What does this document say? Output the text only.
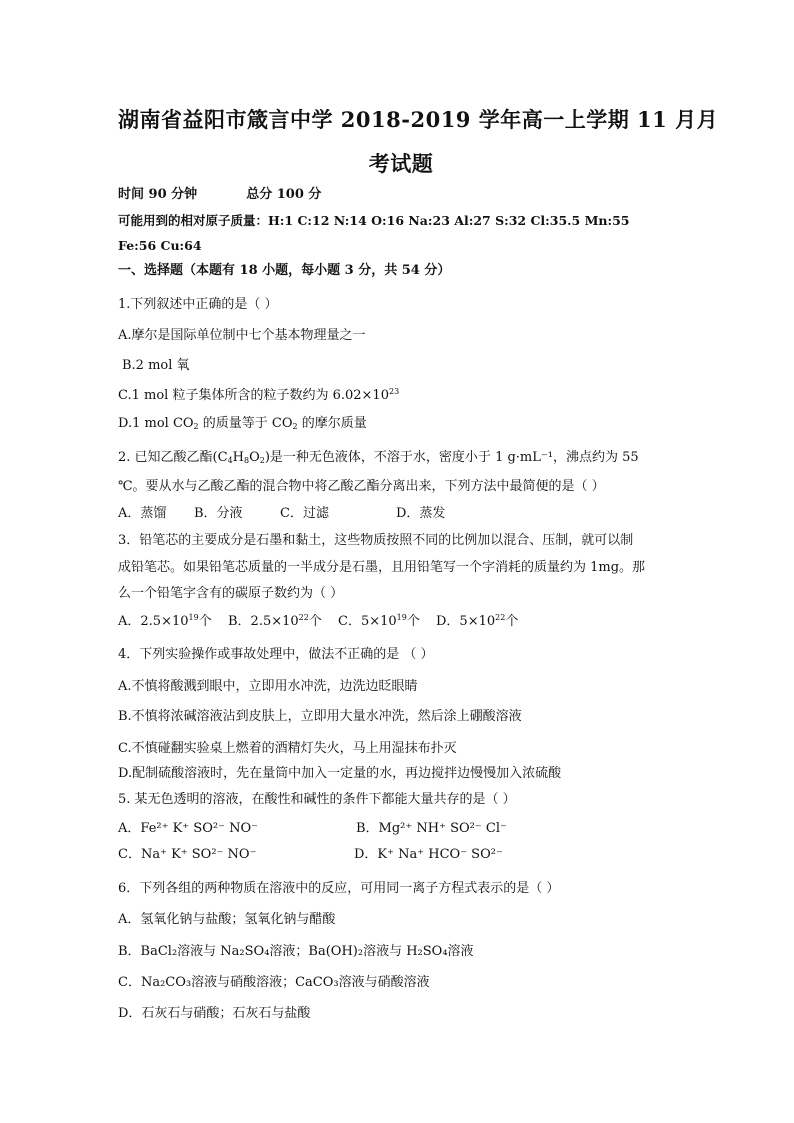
湖南省益阳市箴言中学 2018-2019 学年高一上学期 11 月月
考试题
时间 90 分钟	总分 100 分
可能用到的相对原子质量：H:1 C:12 N:14 O:16 Na:23 Al:27 S:32 Cl:35.5 Mn:55
Fe:56 Cu:64
一、选择题（本题有 18 小题，每小题 3 分，共 54 分）
1.下列叙述中正确的是（ ）
A.摩尔是国际单位制中七个基本物理量之一
B.2 mol 氧
C.1 mol 粒子集体所含的粒子数约为 $6.02\times 10^{23}$
D.1 mol $CO_2$ 的质量等于 $CO_2$ 的摩尔质量
2. 已知乙酸乙酯$(C_4H_8O_2)$是一种无色液体，不溶于水，密度小于 1 g·mL⁻¹，沸点约为 55
℃。要从水与乙酸乙酯的混合物中将乙酸乙酯分离出来，下列方法中最简便的是（ ）
A．蒸馏 B．分液	C．过滤	D．蒸发
3．铅笔芯的主要成分是石墨和黏土，这些物质按照不同的比例加以混合、压制，就可以制
成铅笔芯。如果铅笔芯质量的一半成分是石墨，且用铅笔写一个字消耗的质量约为 1mg。那
么一个铅笔字含有的碳原子数约为（ ）
A．$2.5\times 10^{19}$个 B．$2.5\times 10^{22}$个 C．$5\times 10^{19}$个 D．$5\times 10^{22}$个
4．下列实验操作或事故处理中，做法不正确的是 （ ）
A.不慎将酸溅到眼中，立即用水冲洗，边洗边眨眼睛
B.不慎将浓碱溶液沾到皮肤上，立即用大量水冲洗，然后涂上硼酸溶液
C.不慎碰翻实验桌上燃着的酒精灯失火，马上用湿抹布扑灭
D.配制硫酸溶液时，先在量筒中加入一定量的水，再边搅拌边慢慢加入浓硫酸
5. 某无色透明的溶液，在酸性和碱性的条件下都能大量共存的是（ ）
A．Fe²⁺ K⁺ SO²⁻ NO⁻	B．Mg²⁺ NH⁺ SO²⁻ Cl⁻
C．Na⁺ K⁺ SO²⁻ NO⁻	D．K⁺ Na⁺ HCO⁻ SO²⁻
6．下列各组的两种物质在溶液中的反应，可用同一离子方程式表示的是（ ）
A．氢氧化钠与盐酸；氢氧化钠与醋酸
B．BaCl₂溶液与 Na₂SO₄溶液；Ba(OH)₂溶液与 H₂SO₄溶液
C．Na₂CO₃溶液与硝酸溶液；CaCO₃溶液与硝酸溶液
D．石灰石与硝酸；石灰石与盐酸
